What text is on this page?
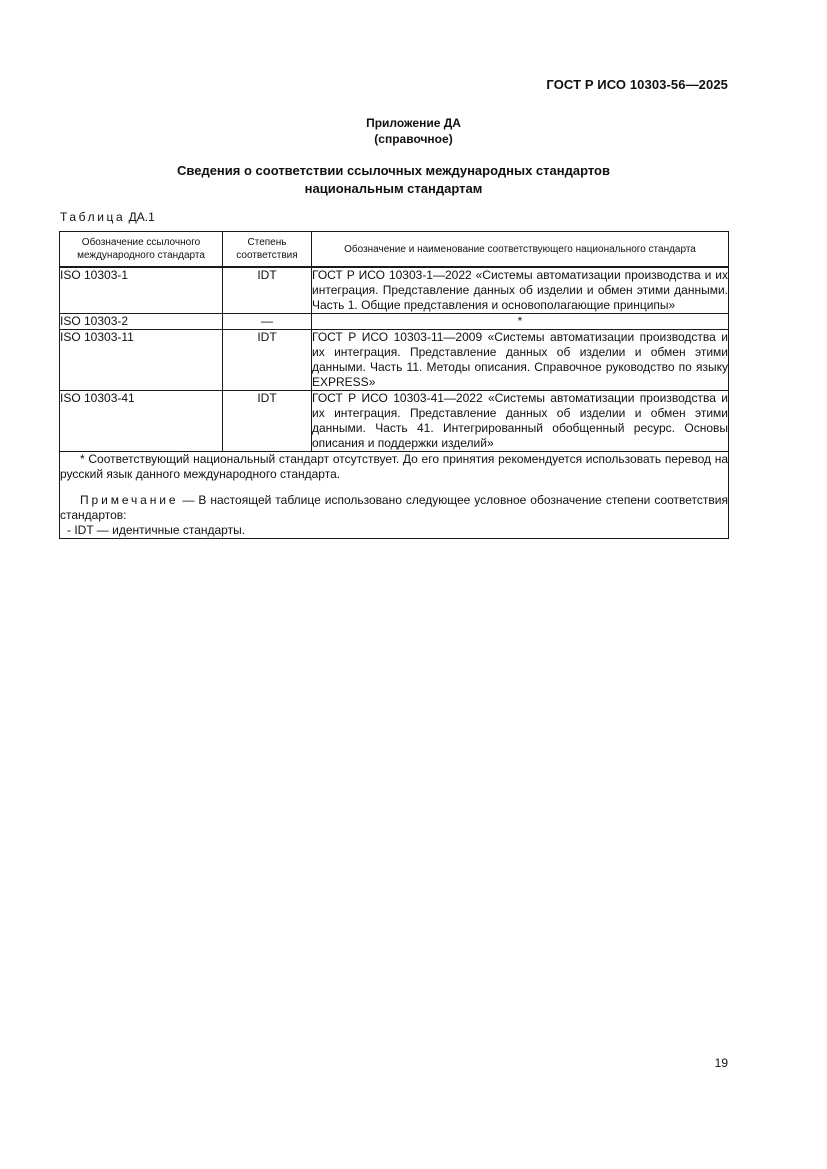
ГОСТ Р ИСО 10303-56—2025
Приложение ДА
(справочное)
Сведения о соответствии ссылочных международных стандартов
национальным стандартам
Таблица ДА.1
Обозначение ссылочного международного стандарта	Степень соответствия	Обозначение и наименование соответствующего национального стандарта
ISO 10303-1	IDT	ГОСТ Р ИСО 10303-1—2022 «Системы автоматизации производства и их интеграция. Представление данных об изделии и обмен этими данными. Часть 1. Общие представления и основополагающие принципы»
ISO 10303-2	—	*
ISO 10303-11	IDT	ГОСТ Р ИСО 10303-11—2009 «Системы автоматизации производства и их интеграция. Представление данных об изделии и обмен этими данными. Часть 11. Методы описания. Справочное руководство по языку EXPRESS»
ISO 10303-41	IDT	ГОСТ Р ИСО 10303-41—2022 «Системы автоматизации производства и их интеграция. Представление данных об изделии и обмен этими данными. Часть 41. Интегрированный обобщенный ресурс. Основы описания и поддержки изделий»

* Соответствующий национальный стандарт отсутствует. До его принятия рекомендуется использовать перевод на русский язык данного международного стандарта.

Примечание — В настоящей таблице использовано следующее условное обозначение степени соответствия стандартов:

- IDT — идентичные стандарты.		

19
